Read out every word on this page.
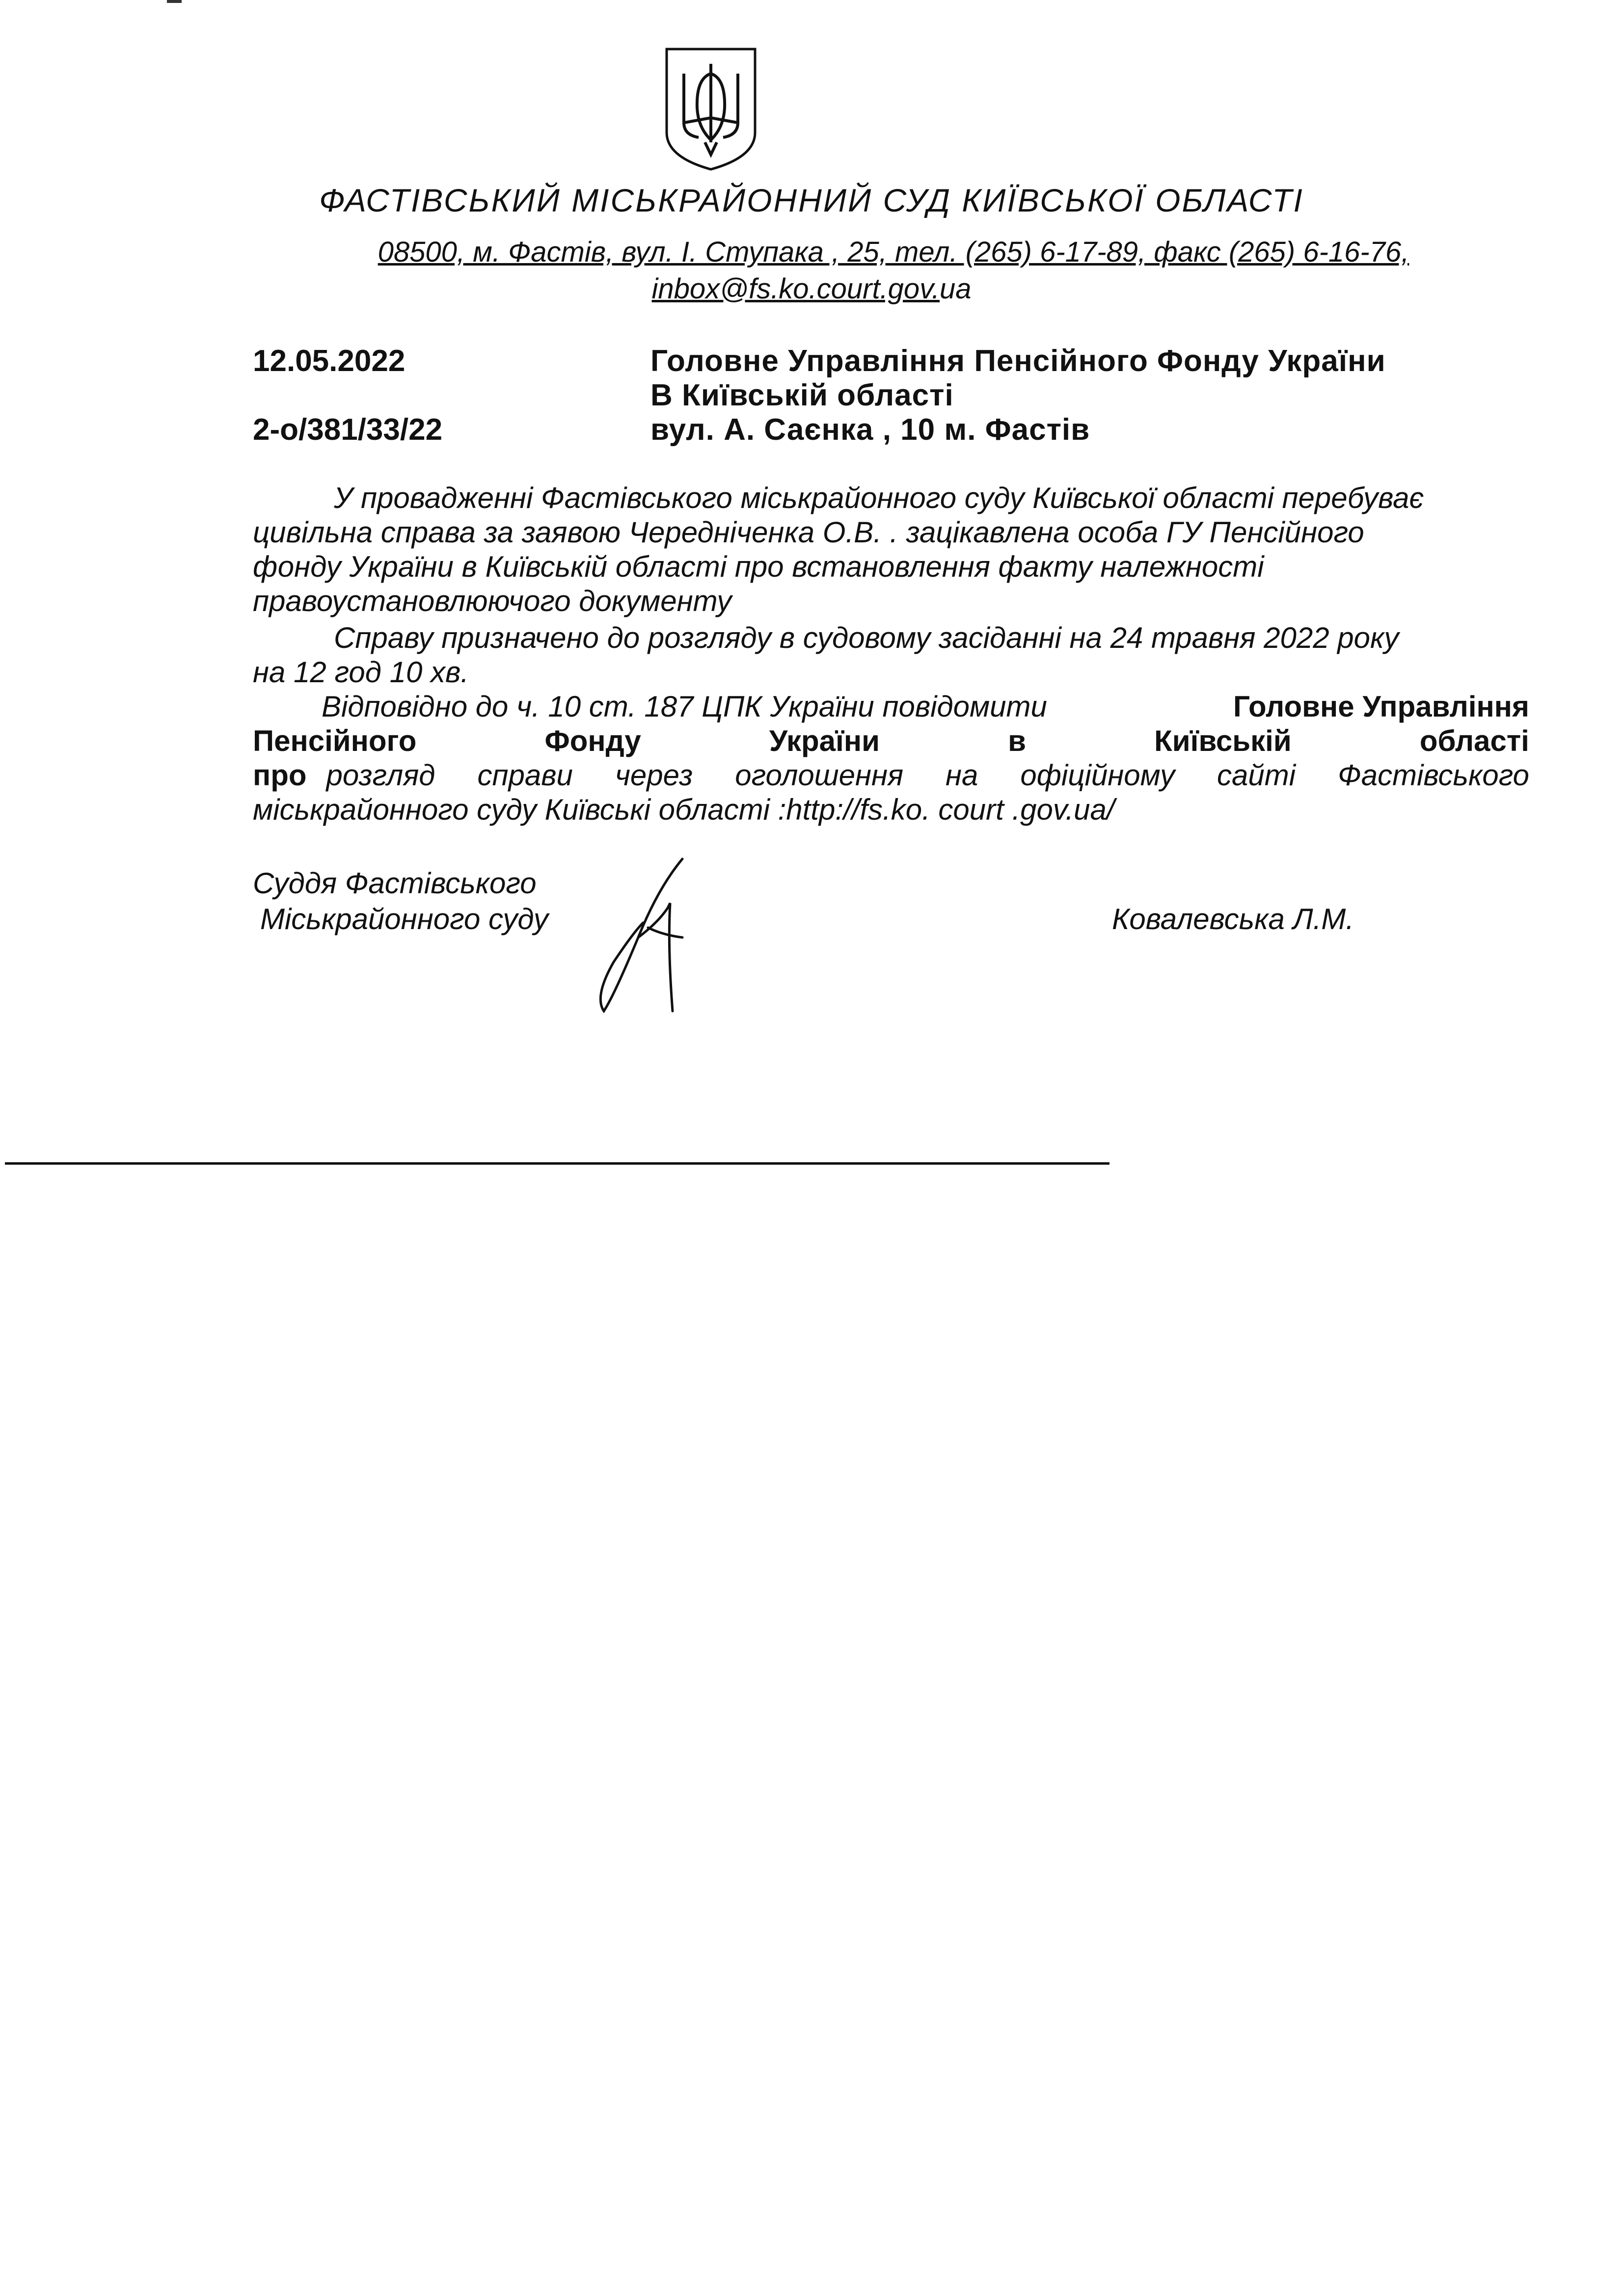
ФАСТІВСЬКИЙ МІСЬКРАЙОННИЙ СУД КИЇВСЬКОЇ ОБЛАСТІ
08500, м. Фастів, вул. І. Ступака , 25, тел. (265) 6-17-89, факс (265) 6-16-76,
inbox@fs.ko.court.gov.ua
12.05.2022
2-о/381/33/22
Головне Управління Пенсійного Фонду України
В Київській області
вул. А. Саєнка , 10 м. Фастів
У провадженні Фастівського міськрайонного суду Київської області перебуває
цивільна справа за заявою Чередніченка О.В. . зацікавлена особа ГУ Пенсійного
фонду України в Київській області про встановлення факту належності
правоустановлюючого документу
Справу призначено до розгляду в судовому засіданні на 24 травня 2022 року
на 12 год 10 хв.
Відповідно до ч. 10 ст. 187 ЦПК України повідомити	Головне Управління
Пенсійного	Фонду	України	в	Київській	області
про розгляд справи через оголошення на офіційному сайті Фастівського
міськрайонного суду Київські області :http://fs.ko. court .gov.ua/
Суддя Фастівського
Міськрайонного суду	Ковалевська Л.М.
